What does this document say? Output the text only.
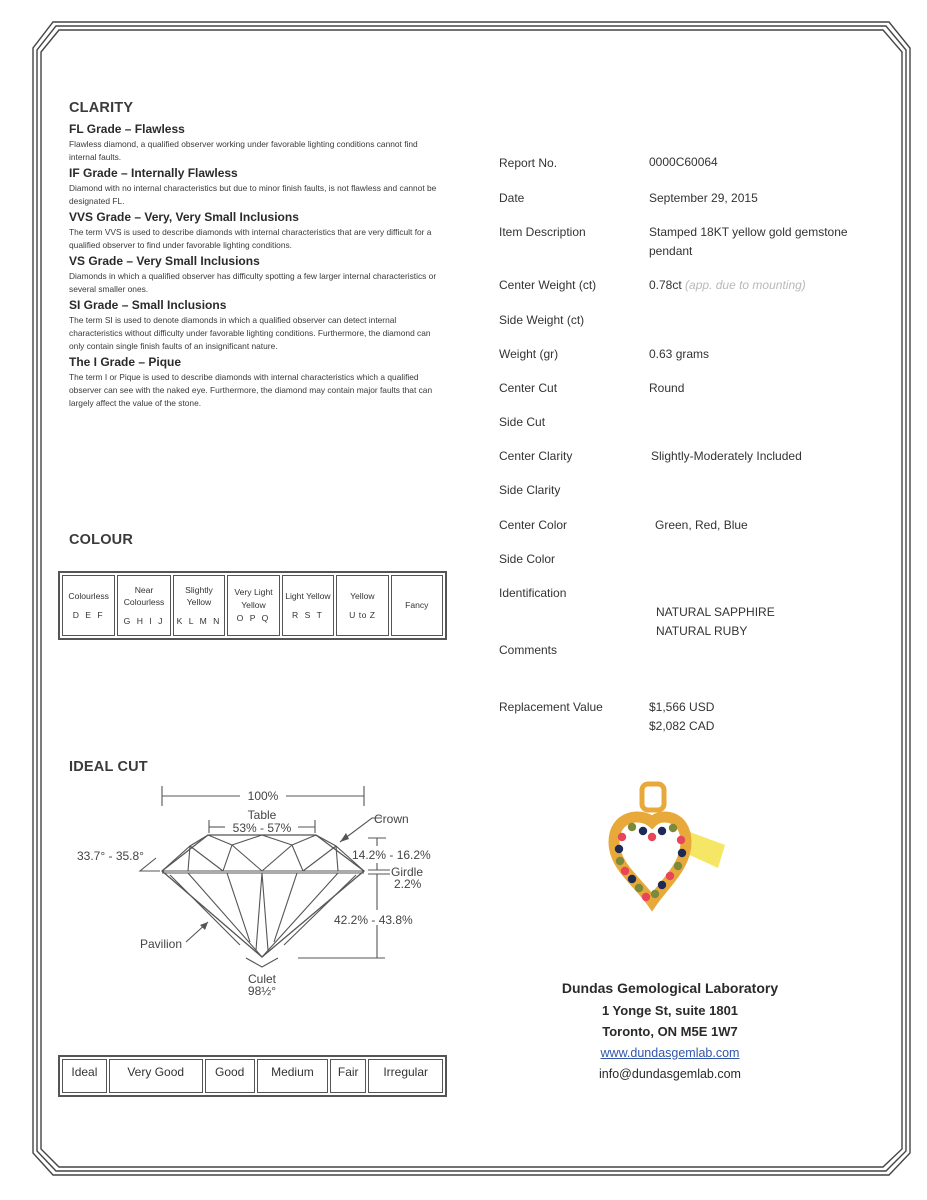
CLARITY

FL Grade – Flawless

Flawless diamond, a qualified observer working under favorable lighting conditions cannot find internal faults.

IF Grade – Internally Flawless

Diamond with no internal characteristics but due to minor finish faults, is not flawless and cannot be designated FL.

VVS Grade – Very, Very Small Inclusions

The term VVS is used to describe diamonds with internal characteristics that are very difficult for a qualified observer to find under favorable lighting conditions.

VS Grade – Very Small Inclusions

Diamonds in which a qualified observer has difficulty spotting a few larger internal characteristics or several smaller ones.

SI Grade – Small Inclusions

The term SI is used to denote diamonds in which a qualified observer can detect internal characteristics without difficulty under favorable lighting conditions. Furthermore, the diamond can only contain single finish faults of an insignificant nature.

The I Grade – Pique

The term I or Pique is used to describe diamonds with internal characteristics which a qualified observer can see with the naked eye. Furthermore, the diamond may contain major faults that can largely affect the value of the stone.

COLOUR
Colourless
D E F
	Near Colourless
G H I J
	Slightly Yellow
K L M N
	Very Light Yellow
O P Q
	Light Yellow
R S T
	Yellow
U to Z
	Fancy
IDEAL CUT
100%
Table
53% - 57%
Crown
33.7° - 35.8°	14.2% - 16.2%
Girdle
2.2%
42.2% - 43.8%
Pavilion
Culet
98½°
Ideal	Very Good	Good	Medium	Fair	Irregular
Report No.	0000C60064
Date	September 29, 2015
Item Description	Stamped 18KT yellow gold gemstone pendant
Center Weight (ct)	0.78ct (app. due to mounting)
Side Weight (ct)
Weight (gr)	0.63 grams
Center Cut	Round
Side Cut
Center Clarity	Slightly-Moderately Included
Side Clarity
Center Color	Green, Red, Blue
Side Color
Identification
NATURAL SAPPHIRE
NATURAL RUBY
Comments
Replacement Value	$1,566 USD
$2,082 CAD
Dundas Gemological Laboratory
1 Yonge St, suite 1801
Toronto, ON M5E 1W7
www.dundasgemlab.com
info@dundasgemlab.com
